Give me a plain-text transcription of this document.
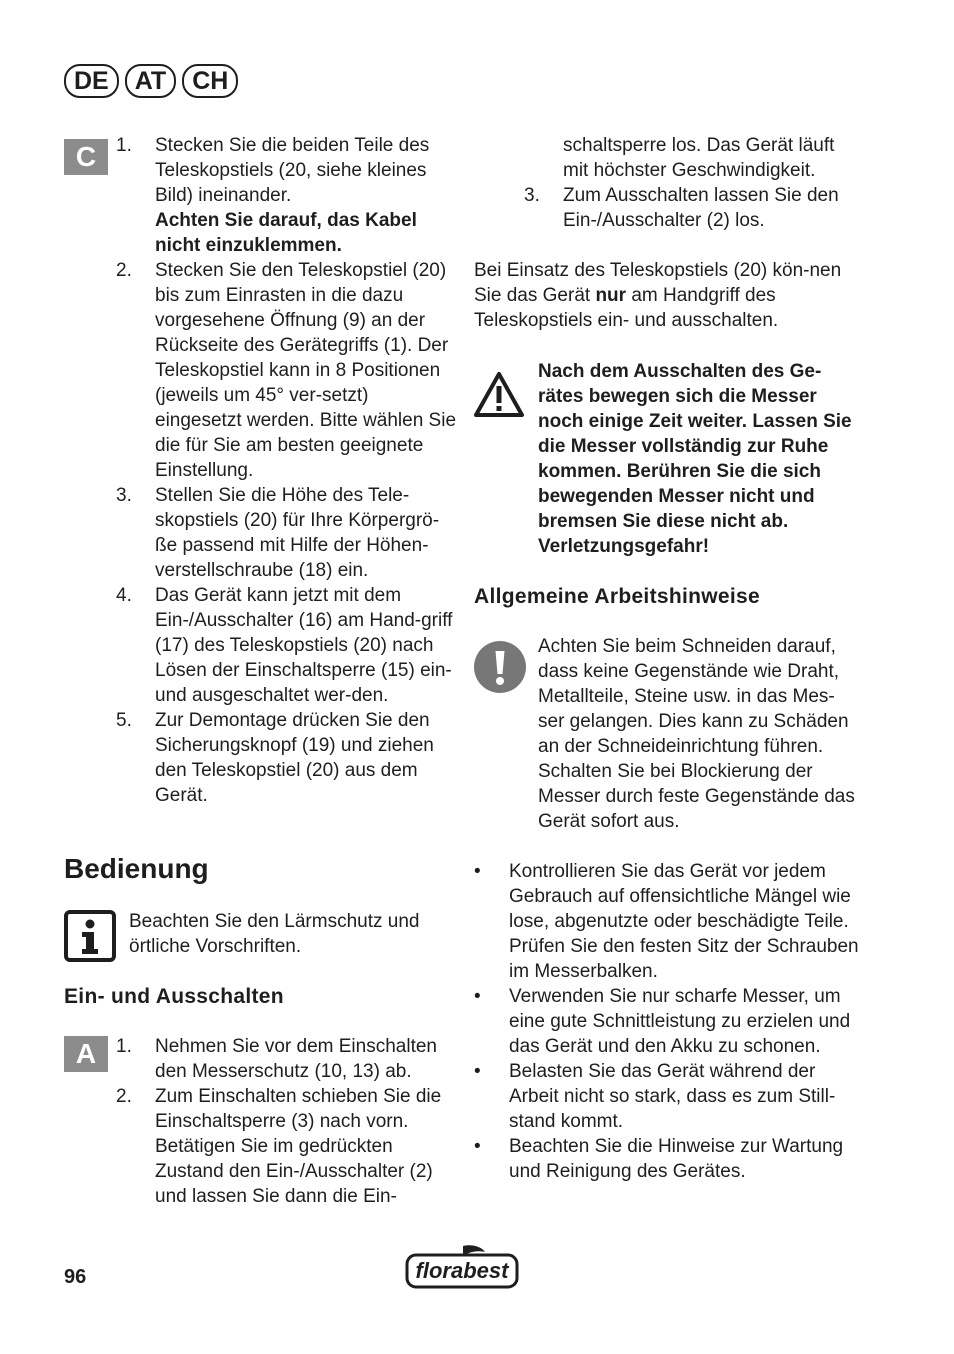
DE	AT	CH
C	1.	Stecken Sie die beiden Teile des Teleskopstiels (20, siehe kleines Bild) ineinander.
Achten Sie darauf, das Kabel nicht einzuklemmen.
2.	Stecken Sie den Teleskopstiel (20) bis zum Einrasten in die dazu vorgesehene Öffnung (9) an der Rückseite des Gerätegriffs (1). Der Teleskopstiel kann in 8 Positionen (jeweils um 45° ver-setzt) eingesetzt werden. Bitte wählen Sie die für Sie am besten geeignete Einstellung.
3.	Stellen Sie die Höhe des Tele-skopstiels (20) für Ihre Körpergrö-ße passend mit Hilfe der Höhen-verstellschraube (18) ein.
4.	Das Gerät kann jetzt mit dem Ein-/Ausschalter (16) am Hand-griff (17) des Teleskopstiels (20) nach Lösen der Einschaltsperre (15) ein- und ausgeschaltet wer-den.
5.	Zur Demontage drücken Sie den Sicherungsknopf (19) und ziehen den Teleskopstiel (20) aus dem Gerät.
Bedienung
Beachten Sie den Lärmschutz und örtliche Vorschriften.
Ein- und Ausschalten
A	1.	Nehmen Sie vor dem Einschalten den Messerschutz (10, 13) ab.
2.	Zum Einschalten schieben Sie die Einschaltsperre (3) nach vorn. Betätigen Sie im gedrückten Zustand den Ein-/Ausschalter (2) und lassen Sie dann die Ein-
schaltsperre los. Das Gerät läuft mit höchster Geschwindigkeit.
3.	Zum Ausschalten lassen Sie den Ein-/Ausschalter (2) los.

Bei Einsatz des Teleskopstiels (20) kön-nen Sie das Gerät nur am Handgriff des Teleskopstiels ein- und ausschalten.

Nach dem Ausschalten des Ge-rätes bewegen sich die Messer noch einige Zeit weiter. Lassen Sie die Messer vollständig zur Ruhe kommen. Berühren Sie die sich bewegenden Messer nicht und bremsen Sie diese nicht ab. Verletzungsgefahr!

Allgemeine Arbeitshinweise

Achten Sie beim Schneiden darauf, dass keine Gegenstände wie Draht, Metallteile, Steine usw. in das Mes-ser gelangen. Dies kann zu Schäden an der Schneideinrichtung führen. Schalten Sie bei Blockierung der Messer durch feste Gegenstände das Gerät sofort aus.

• Kontrollieren Sie das Gerät vor jedem Gebrauch auf offensichtliche Mängel wie lose, abgenutzte oder beschädigte Teile. Prüfen Sie den festen Sitz der Schrauben im Messerbalken.
• Verwenden Sie nur scharfe Messer, um eine gute Schnittleistung zu erzielen und das Gerät und den Akku zu schonen.
• Belasten Sie das Gerät während der Arbeit nicht so stark, dass es zum Still-stand kommt.
• Beachten Sie die Hinweise zur Wartung und Reinigung des Gerätes.
96	florabest
